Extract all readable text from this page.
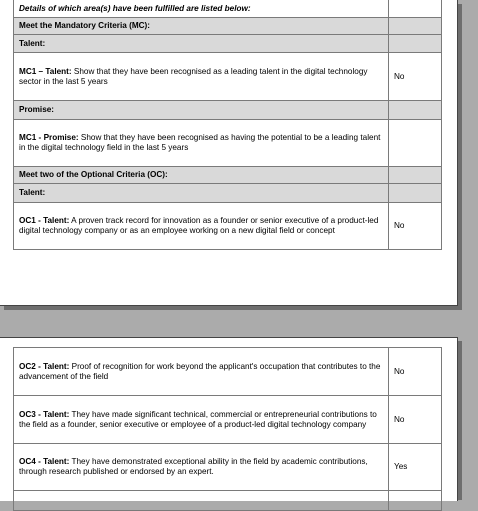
Details of which area(s) have been fulfilled are listed below:	
Meet the Mandatory Criteria (MC):	
Talent:	
MC1 – Talent: Show that they have been recognised as a leading talent in the digital technology sector in the last 5 years	No
Promise:	
MC1 - Promise: Show that they have been recognised as having the potential to be a leading talent in the digital technology field in the last 5 years	
Meet two of the Optional Criteria (OC):	
Talent:	
OC1 - Talent: A proven track record for innovation as a founder or senior executive of a product-led digital technology company or as an employee working on a new digital field or concept	No
OC2 - Talent: Proof of recognition for work beyond the applicant's occupation that contributes to the advancement of the field	No
OC3 - Talent: They have made significant technical, commercial or entrepreneurial contributions to the field as a founder, senior executive or employee of a product-led digital technology company	No
OC4 - Talent: They have demonstrated exceptional ability in the field by academic contributions, through research published or endorsed by an expert.	Yes
